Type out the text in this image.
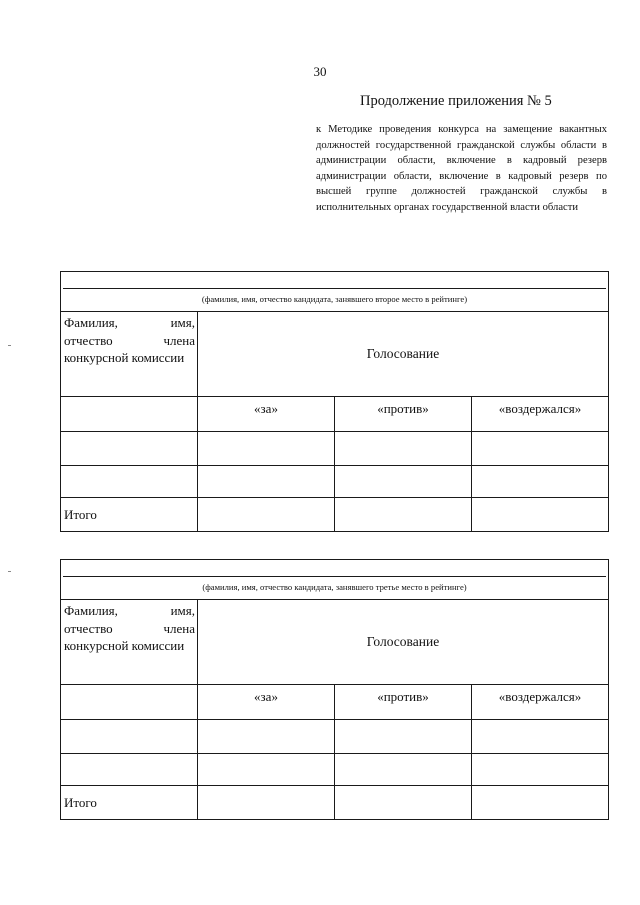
30
Продолжение приложения № 5
к Методике проведения конкурса на замещение вакантных должностей государственной гражданской службы области в администрации области, включение в кадровый резерв администрации области, включение в кадровый резерв по высшей группе должностей гражданской службы в исполнительных органах государственной власти области
(фамилия, имя, отчество кандидата, занявшего второе место в рейтинге)			

Фамилия, имя, отчество члена конкурсной комиссии	Голосование		
	«за»	«против»	«воздержался»

Итого			
(фамилия, имя, отчество кандидата, занявшего третье место в рейтинге)			

Фамилия, имя, отчество члена конкурсной комиссии	Голосование		
	«за»	«против»	«воздержался»

Итого			
